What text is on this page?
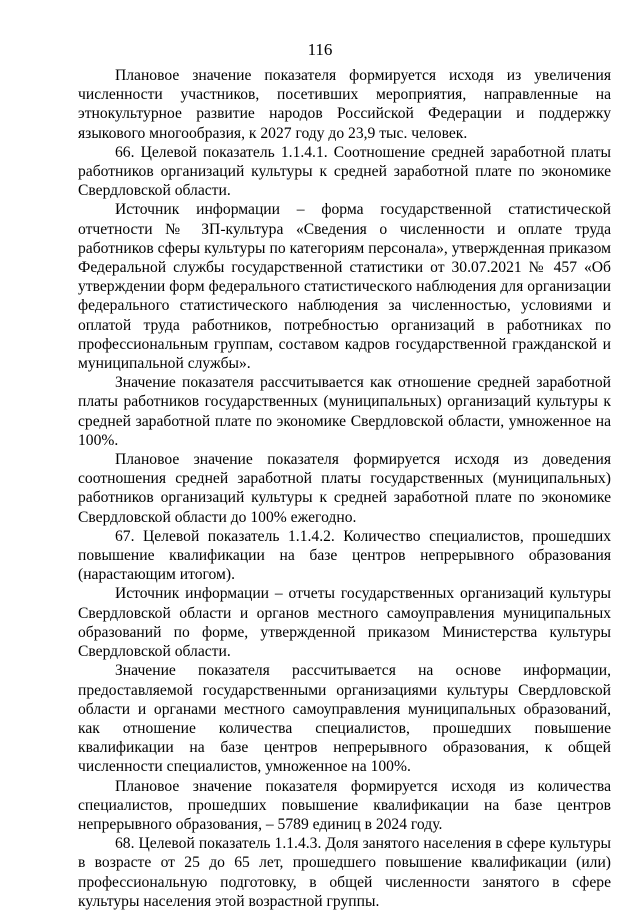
116

Плановое значение показателя формируется исходя из увеличения численности участников, посетивших мероприятия, направленные на этнокультурное развитие народов Российской Федерации и поддержку языкового многообразия, к 2027 году до 23,9 тыс. человек.

66. Целевой показатель 1.1.4.1. Соотношение средней заработной платы работников организаций культуры к средней заработной плате по экономике Свердловской области.

Источник информации – форма государственной статистической отчетности № ЗП-культура «Сведения о численности и оплате труда работников сферы культуры по категориям персонала», утвержденная приказом Федеральной службы государственной статистики от 30.07.2021 № 457 «Об утверждении форм федерального статистического наблюдения для организации федерального статистического наблюдения за численностью, условиями и оплатой труда работников, потребностью организаций в работниках по профессиональным группам, составом кадров государственной гражданской и муниципальной службы».

Значение показателя рассчитывается как отношение средней заработной платы работников государственных (муниципальных) организаций культуры к средней заработной плате по экономике Свердловской области, умноженное на 100%.

Плановое значение показателя формируется исходя из доведения соотношения средней заработной платы государственных (муниципальных) работников организаций культуры к средней заработной плате по экономике Свердловской области до 100% ежегодно.

67. Целевой показатель 1.1.4.2. Количество специалистов, прошедших повышение квалификации на базе центров непрерывного образования (нарастающим итогом).

Источник информации – отчеты государственных организаций культуры Свердловской области и органов местного самоуправления муниципальных образований по форме, утвержденной приказом Министерства культуры Свердловской области.

Значение показателя рассчитывается на основе информации, предоставляемой государственными организациями культуры Свердловской области и органами местного самоуправления муниципальных образований, как отношение количества специалистов, прошедших повышение квалификации на базе центров непрерывного образования, к общей численности специалистов, умноженное на 100%.

Плановое значение показателя формируется исходя из количества специалистов, прошедших повышение квалификации на базе центров непрерывного образования, – 5789 единиц в 2024 году.

68. Целевой показатель 1.1.4.3. Доля занятого населения в сфере культуры в возрасте от 25 до 65 лет, прошедшего повышение квалификации (или) профессиональную подготовку, в общей численности занятого в сфере культуры населения этой возрастной группы.
